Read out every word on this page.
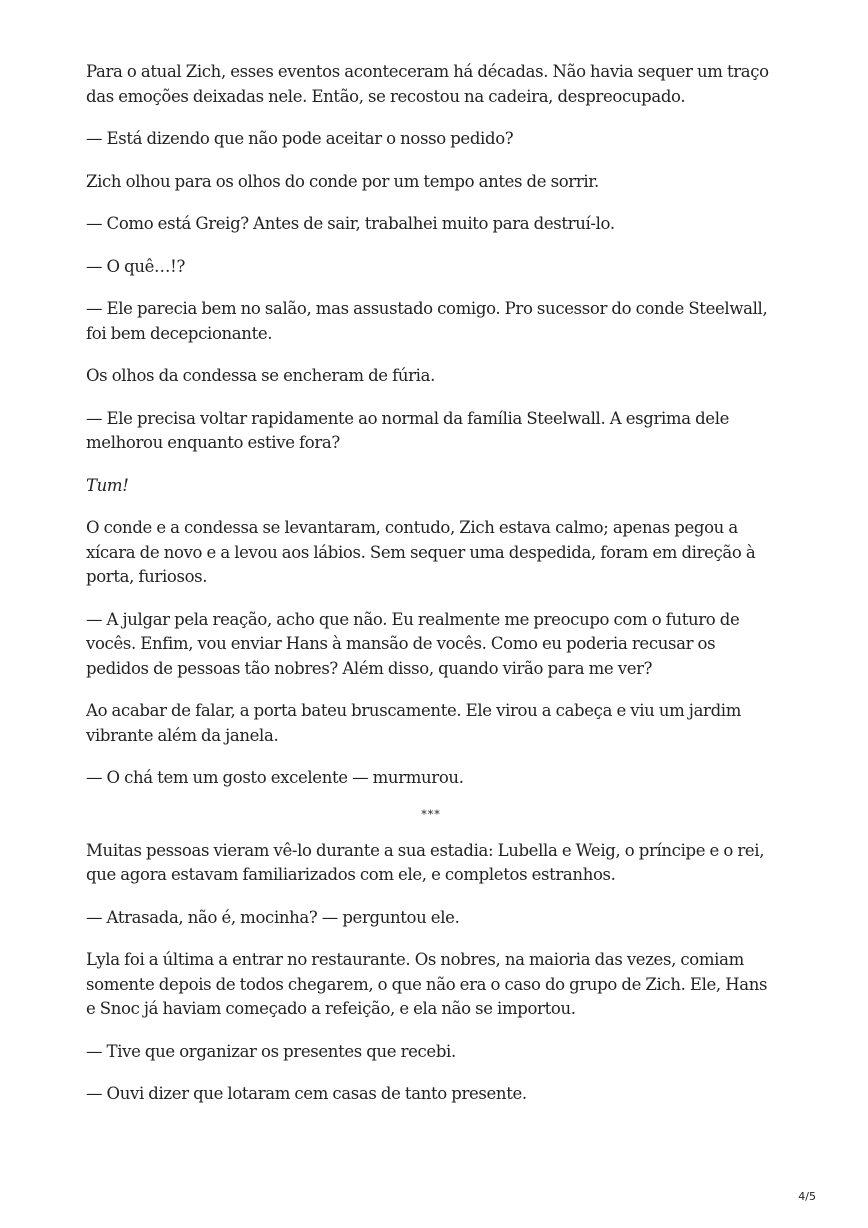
Para o atual Zich, esses eventos aconteceram há décadas. Não havia sequer um traço das emoções deixadas nele. Então, se recostou na cadeira, despreocupado.

— Está dizendo que não pode aceitar o nosso pedido?

Zich olhou para os olhos do conde por um tempo antes de sorrir.

— Como está Greig? Antes de sair, trabalhei muito para destruí-lo.

— O quê…!?

— Ele parecia bem no salão, mas assustado comigo. Pro sucessor do conde Steelwall, foi bem decepcionante.

Os olhos da condessa se encheram de fúria.

— Ele precisa voltar rapidamente ao normal da família Steelwall. A esgrima dele melhorou enquanto estive fora?

Tum!

O conde e a condessa se levantaram, contudo, Zich estava calmo; apenas pegou a xícara de novo e a levou aos lábios. Sem sequer uma despedida, foram em direção à porta, furiosos.

— A julgar pela reação, acho que não. Eu realmente me preocupo com o futuro de vocês. Enfim, vou enviar Hans à mansão de vocês. Como eu poderia recusar os pedidos de pessoas tão nobres? Além disso, quando virão para me ver?

Ao acabar de falar, a porta bateu bruscamente. Ele virou a cabeça e viu um jardim vibrante além da janela.

— O chá tem um gosto excelente — murmurou.

***

Muitas pessoas vieram vê-lo durante a sua estadia: Lubella e Weig, o príncipe e o rei, que agora estavam familiarizados com ele, e completos estranhos.

— Atrasada, não é, mocinha? — perguntou ele.

Lyla foi a última a entrar no restaurante. Os nobres, na maioria das vezes, comiam somente depois de todos chegarem, o que não era o caso do grupo de Zich. Ele, Hans e Snoc já haviam começado a refeição, e ela não se importou.

— Tive que organizar os presentes que recebi.

— Ouvi dizer que lotaram cem casas de tanto presente.

4/5
